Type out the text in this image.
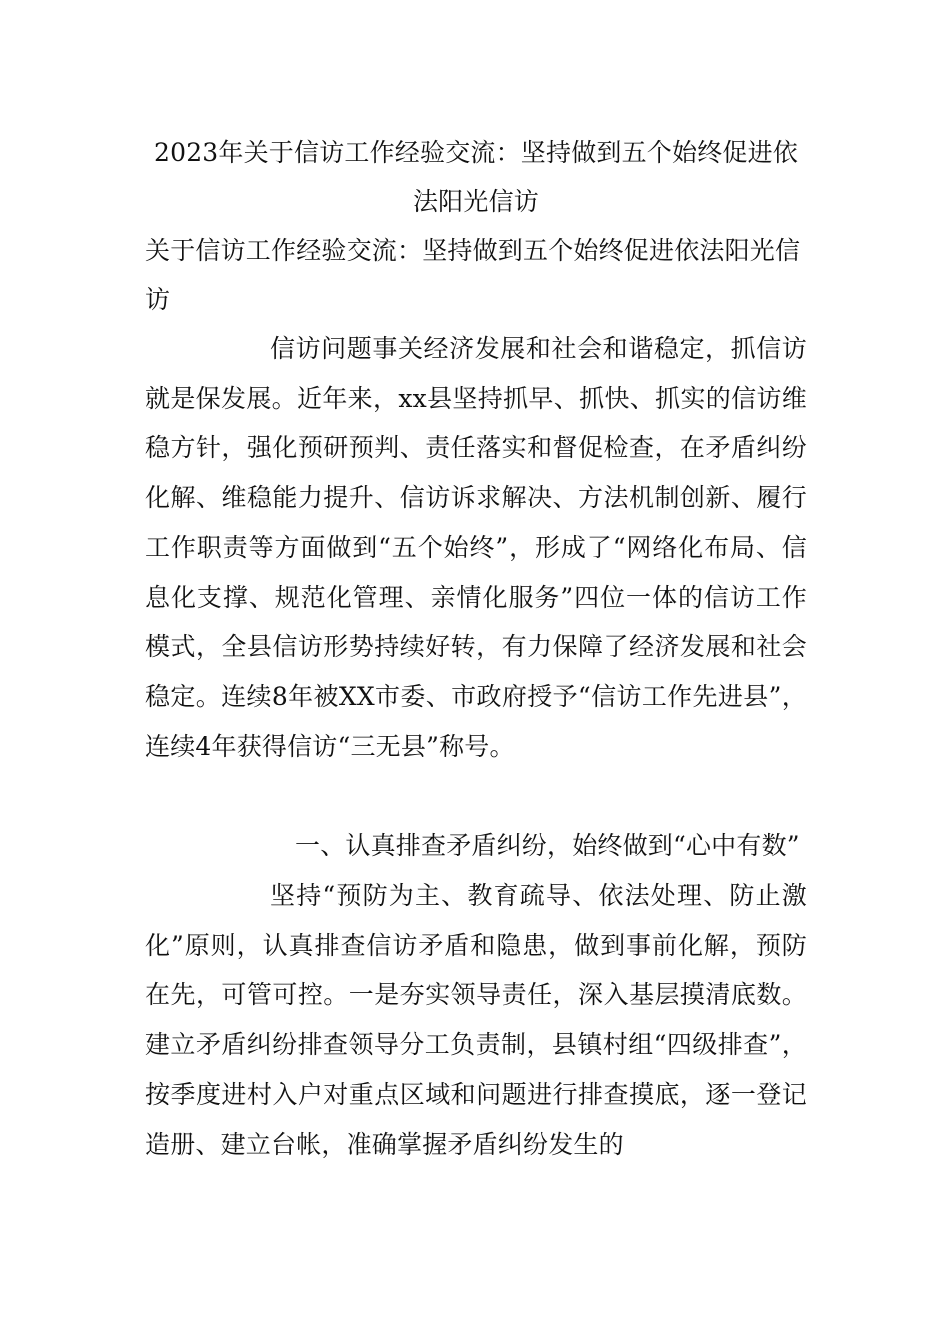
2023年关于信访工作经验交流：坚持做到五个始终促进依法阳光信访

关于信访工作经验交流：坚持做到五个始终促进依法阳光信访

信访问题事关经济发展和社会和谐稳定，抓信访就是保发展。近年来，xx县坚持抓早、抓快、抓实的信访维稳方针，强化预研预判、责任落实和督促检查，在矛盾纠纷化解、维稳能力提升、信访诉求解决、方法机制创新、履行工作职责等方面做到“五个始终”，形成了“网络化布局、信息化支撑、规范化管理、亲情化服务”四位一体的信访工作模式，全县信访形势持续好转，有力保障了经济发展和社会稳定。连续8年被XX市委、市政府授予“信访工作先进县”，连续4年获得信访“三无县”称号。

一、认真排查矛盾纠纷，始终做到“心中有数”

坚持“预防为主、教育疏导、依法处理、防止激化”原则，认真排查信访矛盾和隐患，做到事前化解，预防在先，可管可控。一是夯实领导责任，深入基层摸清底数。建立矛盾纠纷排查领导分工负责制，县镇村组“四级排查”，按季度进村入户对重点区域和问题进行排查摸底，逐一登记造册、建立台帐，准确掌握矛盾纠纷发生的
